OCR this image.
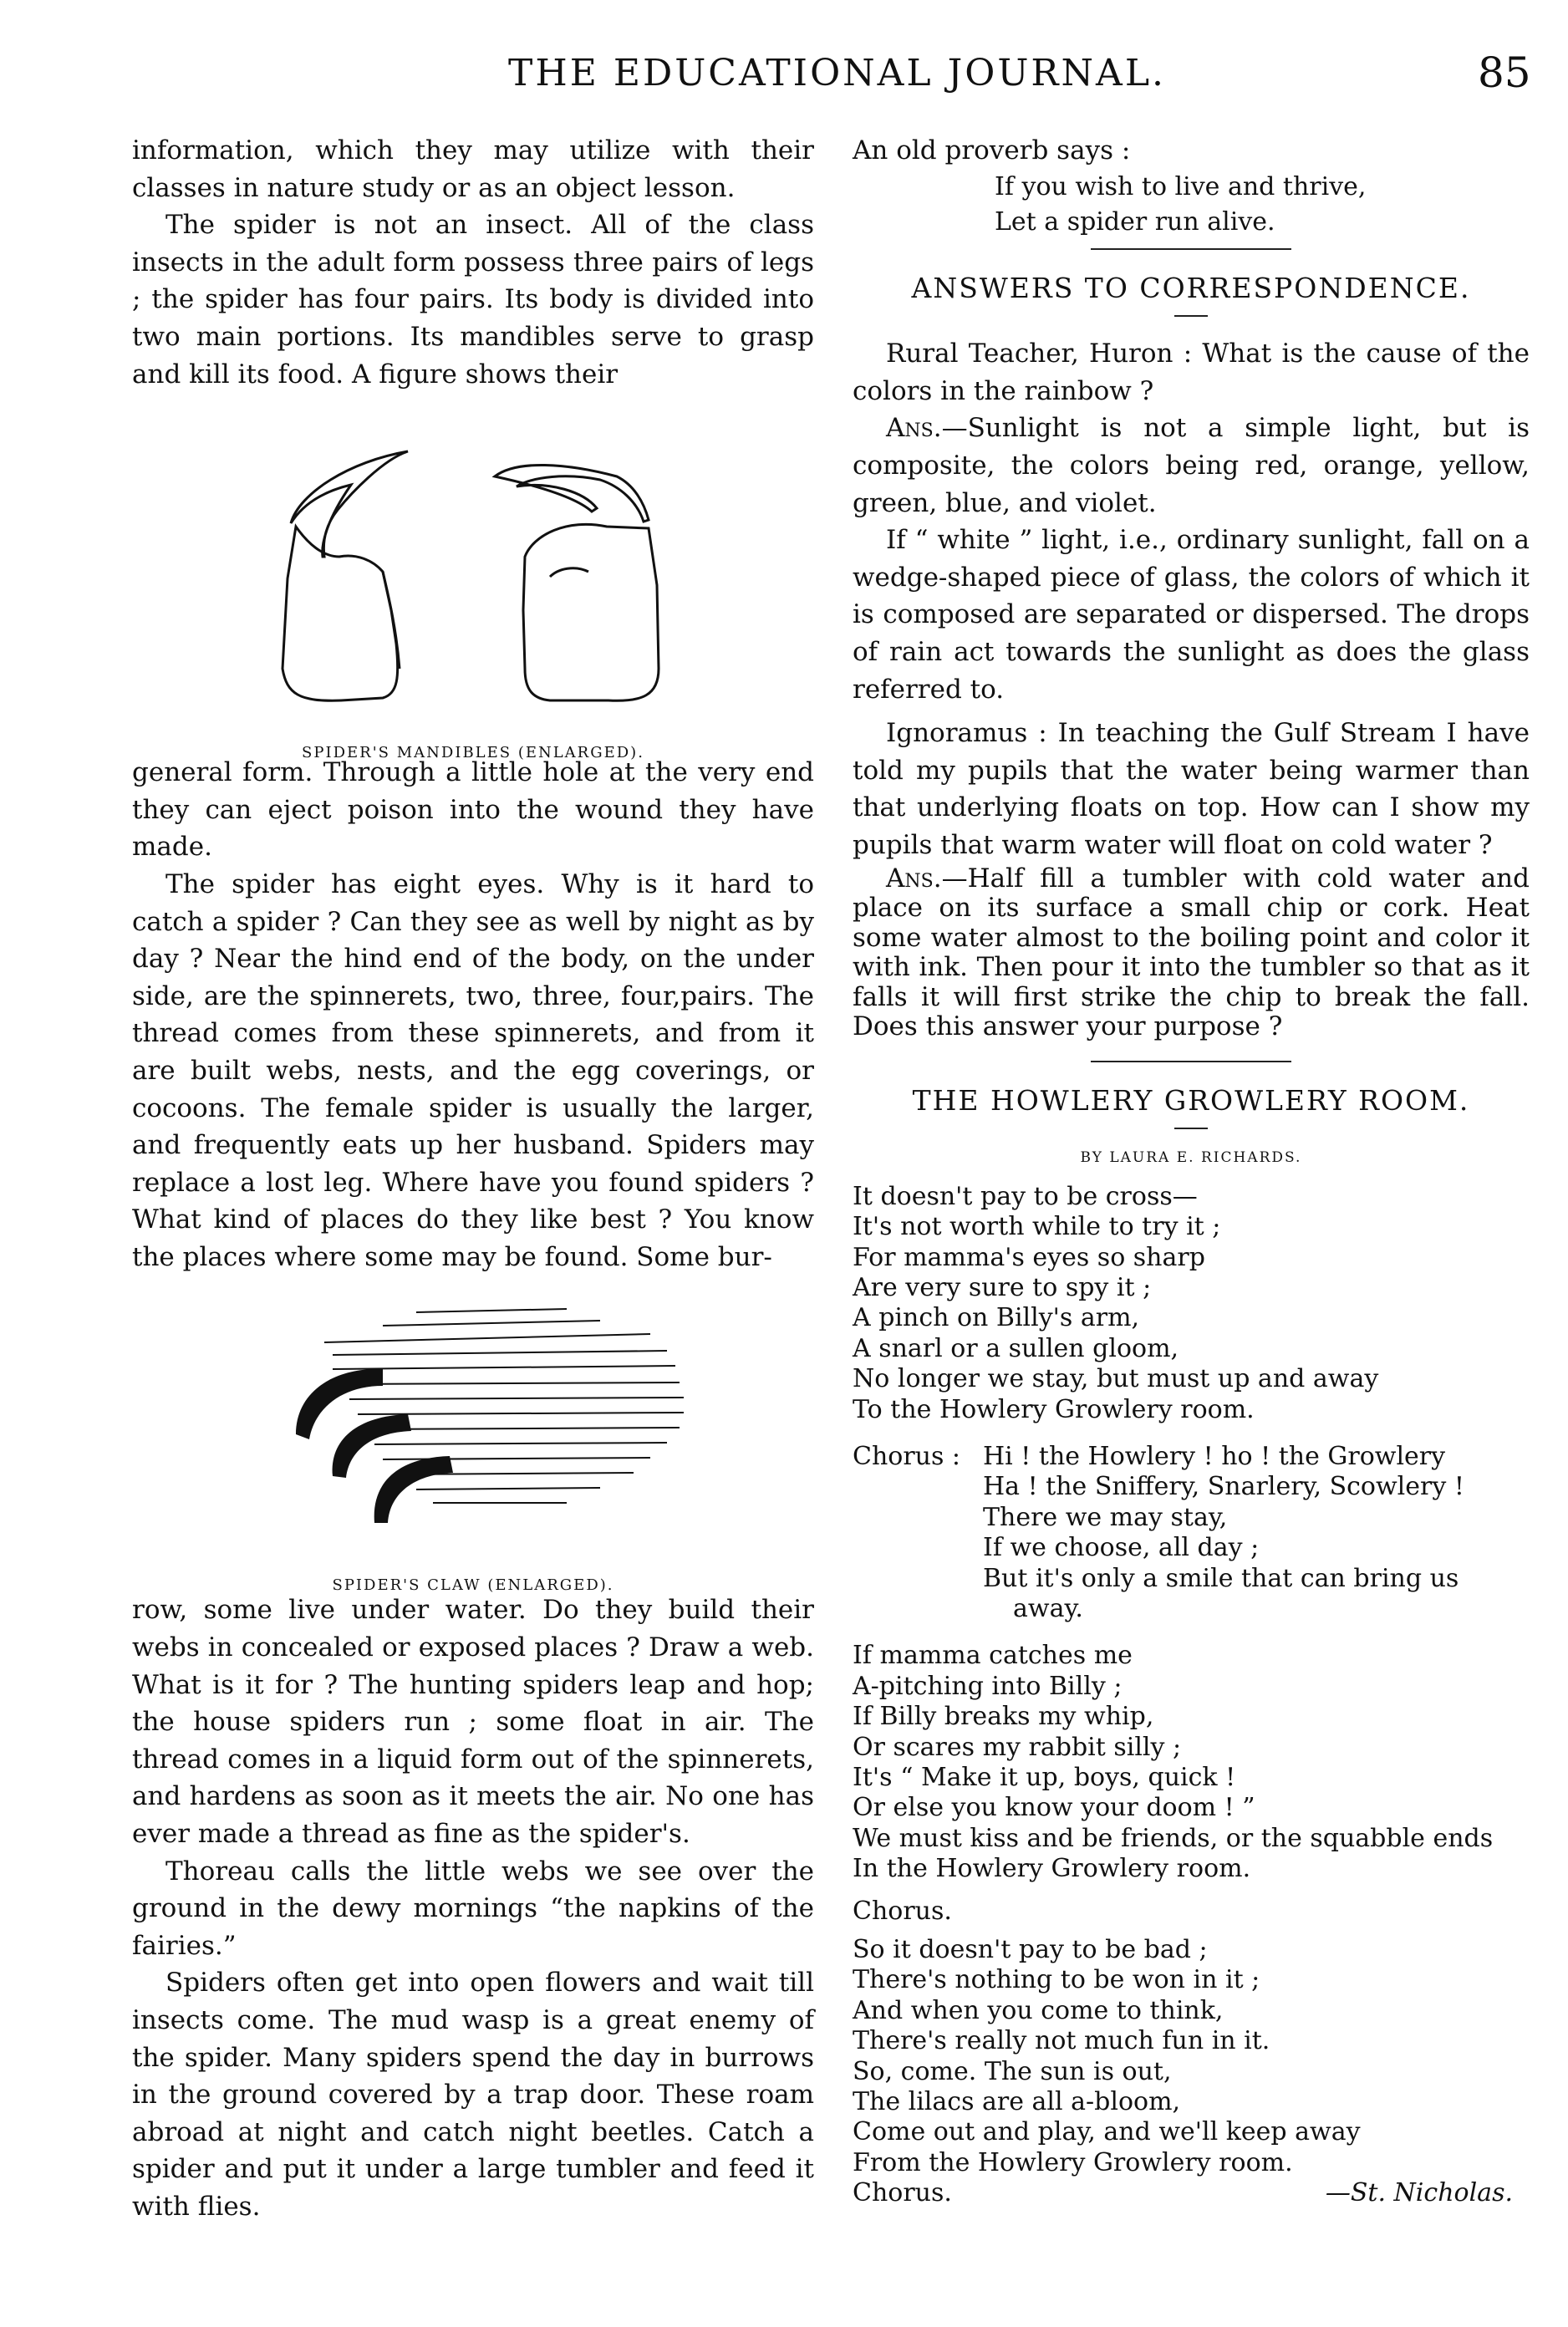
THE EDUCATIONAL JOURNAL.	85

information, which they may utilize with their classes in nature study or as an object lesson.

The spider is not an insect. All of the class insects in the adult form possess three pairs of legs ; the spider has four pairs. Its body is divided into two main portions. Its mandibles serve to grasp and kill its food. A figure shows their

SPIDER'S MANDIBLES (ENLARGED).

general form. Through a little hole at the very end they can eject poison into the wound they have made.

The spider has eight eyes. Why is it hard to catch a spider ? Can they see as well by night as by day ? Near the hind end of the body, on the under side, are the spinnerets, two, three, four,pairs. The thread comes from these spinnerets, and from it are built webs, nests, and the egg coverings, or cocoons. The female spider is usually the larger, and frequently eats up her husband. Spiders may replace a lost leg. Where have you found spiders ? What kind of places do they like best ? You know the places where some may be found. Some bur-

SPIDER'S CLAW (ENLARGED).

row, some live under water. Do they build their webs in concealed or exposed places ? Draw a web. What is it for ? The hunting spiders leap and hop; the house spiders run ; some float in air. The thread comes in a liquid form out of the spinnerets, and hardens as soon as it meets the air. No one has ever made a thread as fine as the spider's.

Thoreau calls the little webs we see over the ground in the dewy mornings “the napkins of the fairies.”

Spiders often get into open flowers and wait till insects come. The mud wasp is a great enemy of the spider. Many spiders spend the day in burrows in the ground covered by a trap door. These roam abroad at night and catch night beetles. Catch a spider and put it under a large tumbler and feed it with flies.

An old proverb says :

If you wish to live and thrive,

Let a spider run alive.

ANSWERS TO CORRESPONDENCE.

Rural Teacher, Huron : What is the cause of the colors in the rainbow ?

Ans.—Sunlight is not a simple light, but is composite, the colors being red, orange, yellow, green, blue, and violet.

If “ white ” light, i.e., ordinary sunlight, fall on a wedge-shaped piece of glass, the colors of which it is composed are separated or dispersed. The drops of rain act towards the sunlight as does the glass referred to.

Ignoramus : In teaching the Gulf Stream I have told my pupils that the water being warmer than that underlying floats on top. How can I show my pupils that warm water will float on cold water ?

Ans.—Half fill a tumbler with cold water and place on its surface a small chip or cork. Heat some water almost to the boiling point and color it with ink. Then pour it into the tumbler so that as it falls it will first strike the chip to break the fall. Does this answer your purpose ?

THE HOWLERY GROWLERY ROOM.
BY LAURA E. RICHARDS.
It doesn't pay to be cross—
It's not worth while to try it ;
For mamma's eyes so sharp
Are very sure to spy it ;
A pinch on Billy's arm,
A snarl or a sullen gloom,
No longer we stay, but must up and away
To the Howlery Growlery room.
Chorus : Hi ! the Howlery ! ho ! the Growlery
Ha ! the Sniffery, Snarlery, Scowlery !
There we may stay,
If we choose, all day ;
But it's only a smile that can bring us
away.
If mamma catches me
A-pitching into Billy ;
If Billy breaks my whip,
Or scares my rabbit silly ;
It's “ Make it up, boys, quick !
Or else you know your doom ! ”
We must kiss and be friends, or the squabble ends
In the Howlery Growlery room.
Chorus.
So it doesn't pay to be bad ;
There's nothing to be won in it ;
And when you come to think,
There's really not much fun in it.
So, come. The sun is out,
The lilacs are all a-bloom,
Come out and play, and we'll keep away
From the Howlery Growlery room.
Chorus.	—St. Nicholas.
